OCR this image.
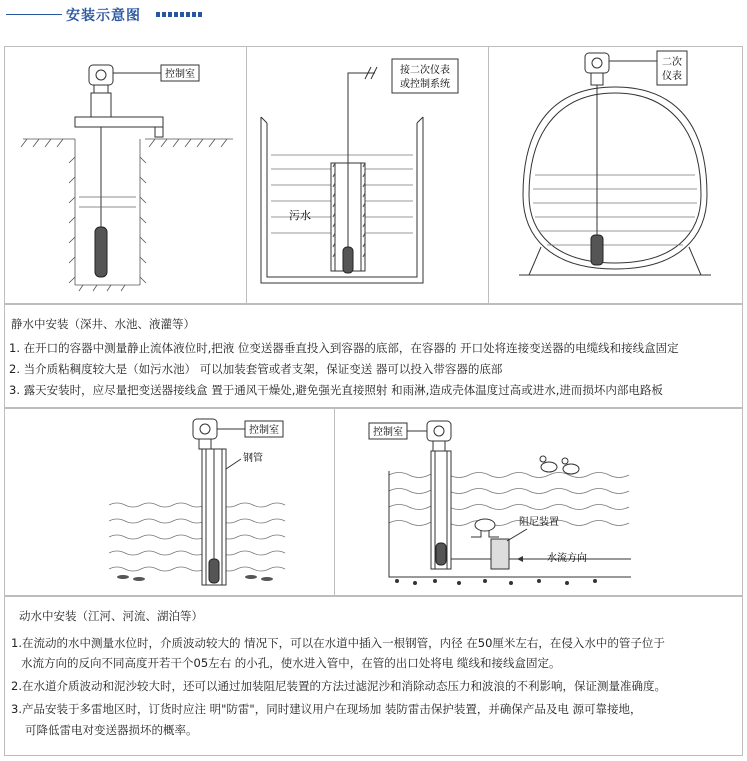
安装示意图
控制室	接二次仪表
或控制系统
污水
二次
仪表
静水中安装（深井、水池、液灌等）
1. 在开口的容器中测量静止流体液位时,把液 位变送器垂直投入到容器的底部，在容器的 开口处将连接变送器的电缆线和接线盒固定
2. 当介质粘稠度较大是（如污水池） 可以加装套管或者支架，保证变送 器可以投入带容器的底部
3. 露天安装时，应尽量把变送器接线盒 置于通风干燥处,避免强光直接照射 和雨淋,造成壳体温度过高或进水,进而损坏内部电路板
控制室
钢管
控制室
阻尼装置
水流方向
动水中安装（江河、河流、湖泊等）
1.在流动的水中测量水位时，介质波动较大的 情况下，可以在水道中插入一根钢管，内径 在50厘米左右，在侵入水中的管子位于
水流方向的反向不同高度开若干个05左右 的小孔，使水进入管中，在管的出口处将电 缆线和接线盒固定。
2.在水道介质波动和泥沙较大时，还可以通过加装阻尼装置的方法过滤泥沙和消除动态压力和波浪的不利影响，保证测量准确度。
3.产品安装于多雷地区时，订货时应注 明"防雷"，同时建议用户在现场加 装防雷击保护装置，并确保产品及电 源可靠接地，
可降低雷电对变送器损坏的概率。
